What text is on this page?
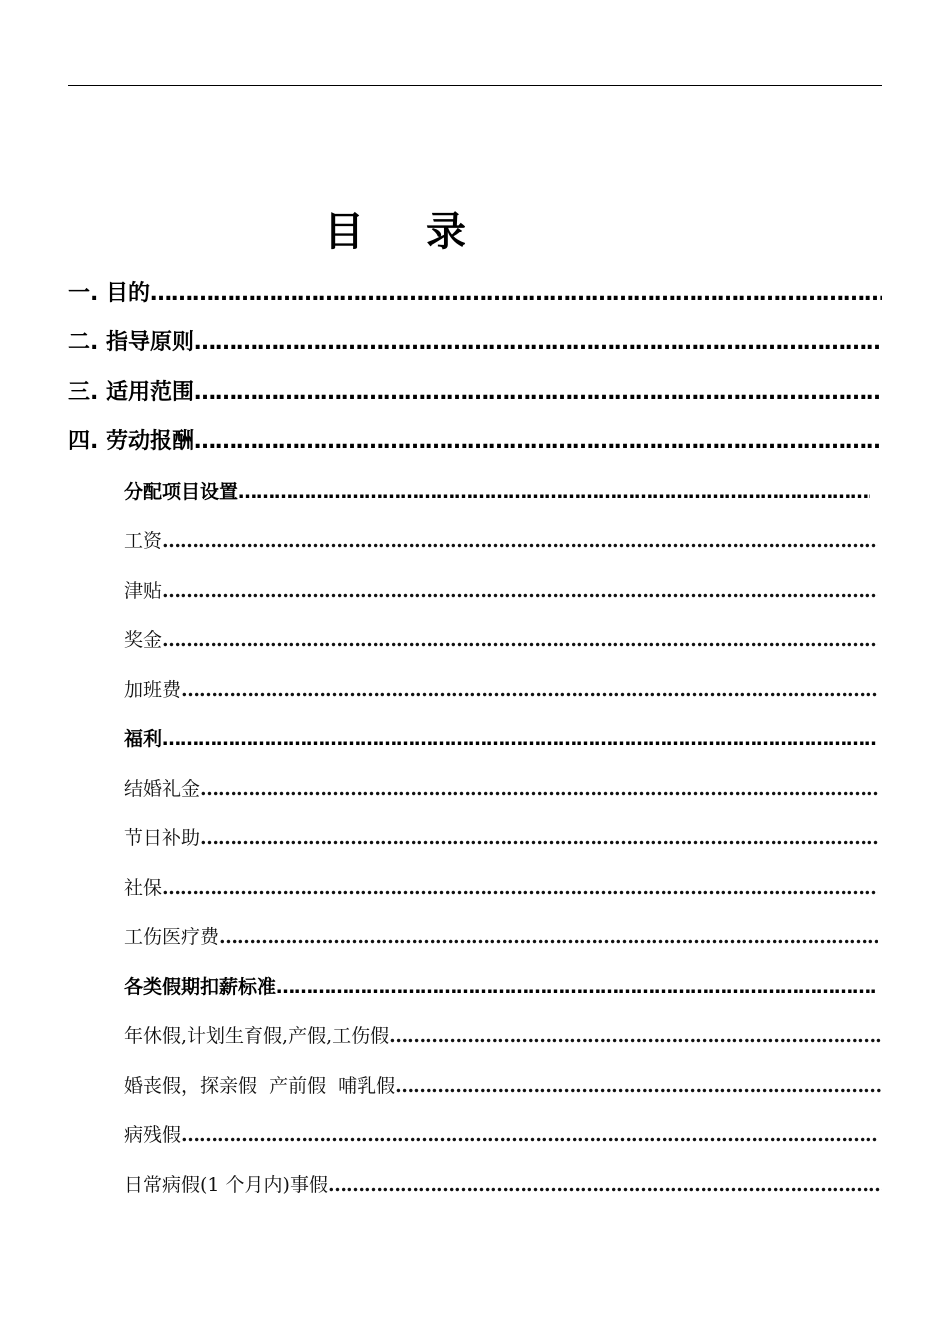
目 录
一. 目的
……………………………………………………………………………………………………………………………………………………………………………………
二. 指导原则
……………………………………………………………………………………………………………………………………………………………………………………
三. 适用范围
……………………………………………………………………………………………………………………………………………………………………………………
四. 劳动报酬
……………………………………………………………………………………………………………………………………………………………………………………
分配项目设置
……………………………………………………………………………………………………………………………………………………………………………………
工资
……………………………………………………………………………………………………………………………………………………………………………………
津贴
……………………………………………………………………………………………………………………………………………………………………………………
奖金
……………………………………………………………………………………………………………………………………………………………………………………
加班费
……………………………………………………………………………………………………………………………………………………………………………………
福利
……………………………………………………………………………………………………………………………………………………………………………………
结婚礼金
……………………………………………………………………………………………………………………………………………………………………………………
节日补助
……………………………………………………………………………………………………………………………………………………………………………………
社保
……………………………………………………………………………………………………………………………………………………………………………………
工伤医疗费
……………………………………………………………………………………………………………………………………………………………………………………
各类假期扣薪标准
……………………………………………………………………………………………………………………………………………………………………………………
年休假,计划生育假,产假,工伤假
……………………………………………………………………………………………………………………………………………………………………………………
婚丧假，探亲假  产前假  哺乳假
……………………………………………………………………………………………………………………………………………………………………………………
病残假
……………………………………………………………………………………………………………………………………………………………………………………
日常病假(1 个月内)事假
……………………………………………………………………………………………………………………………………………………………………………………
